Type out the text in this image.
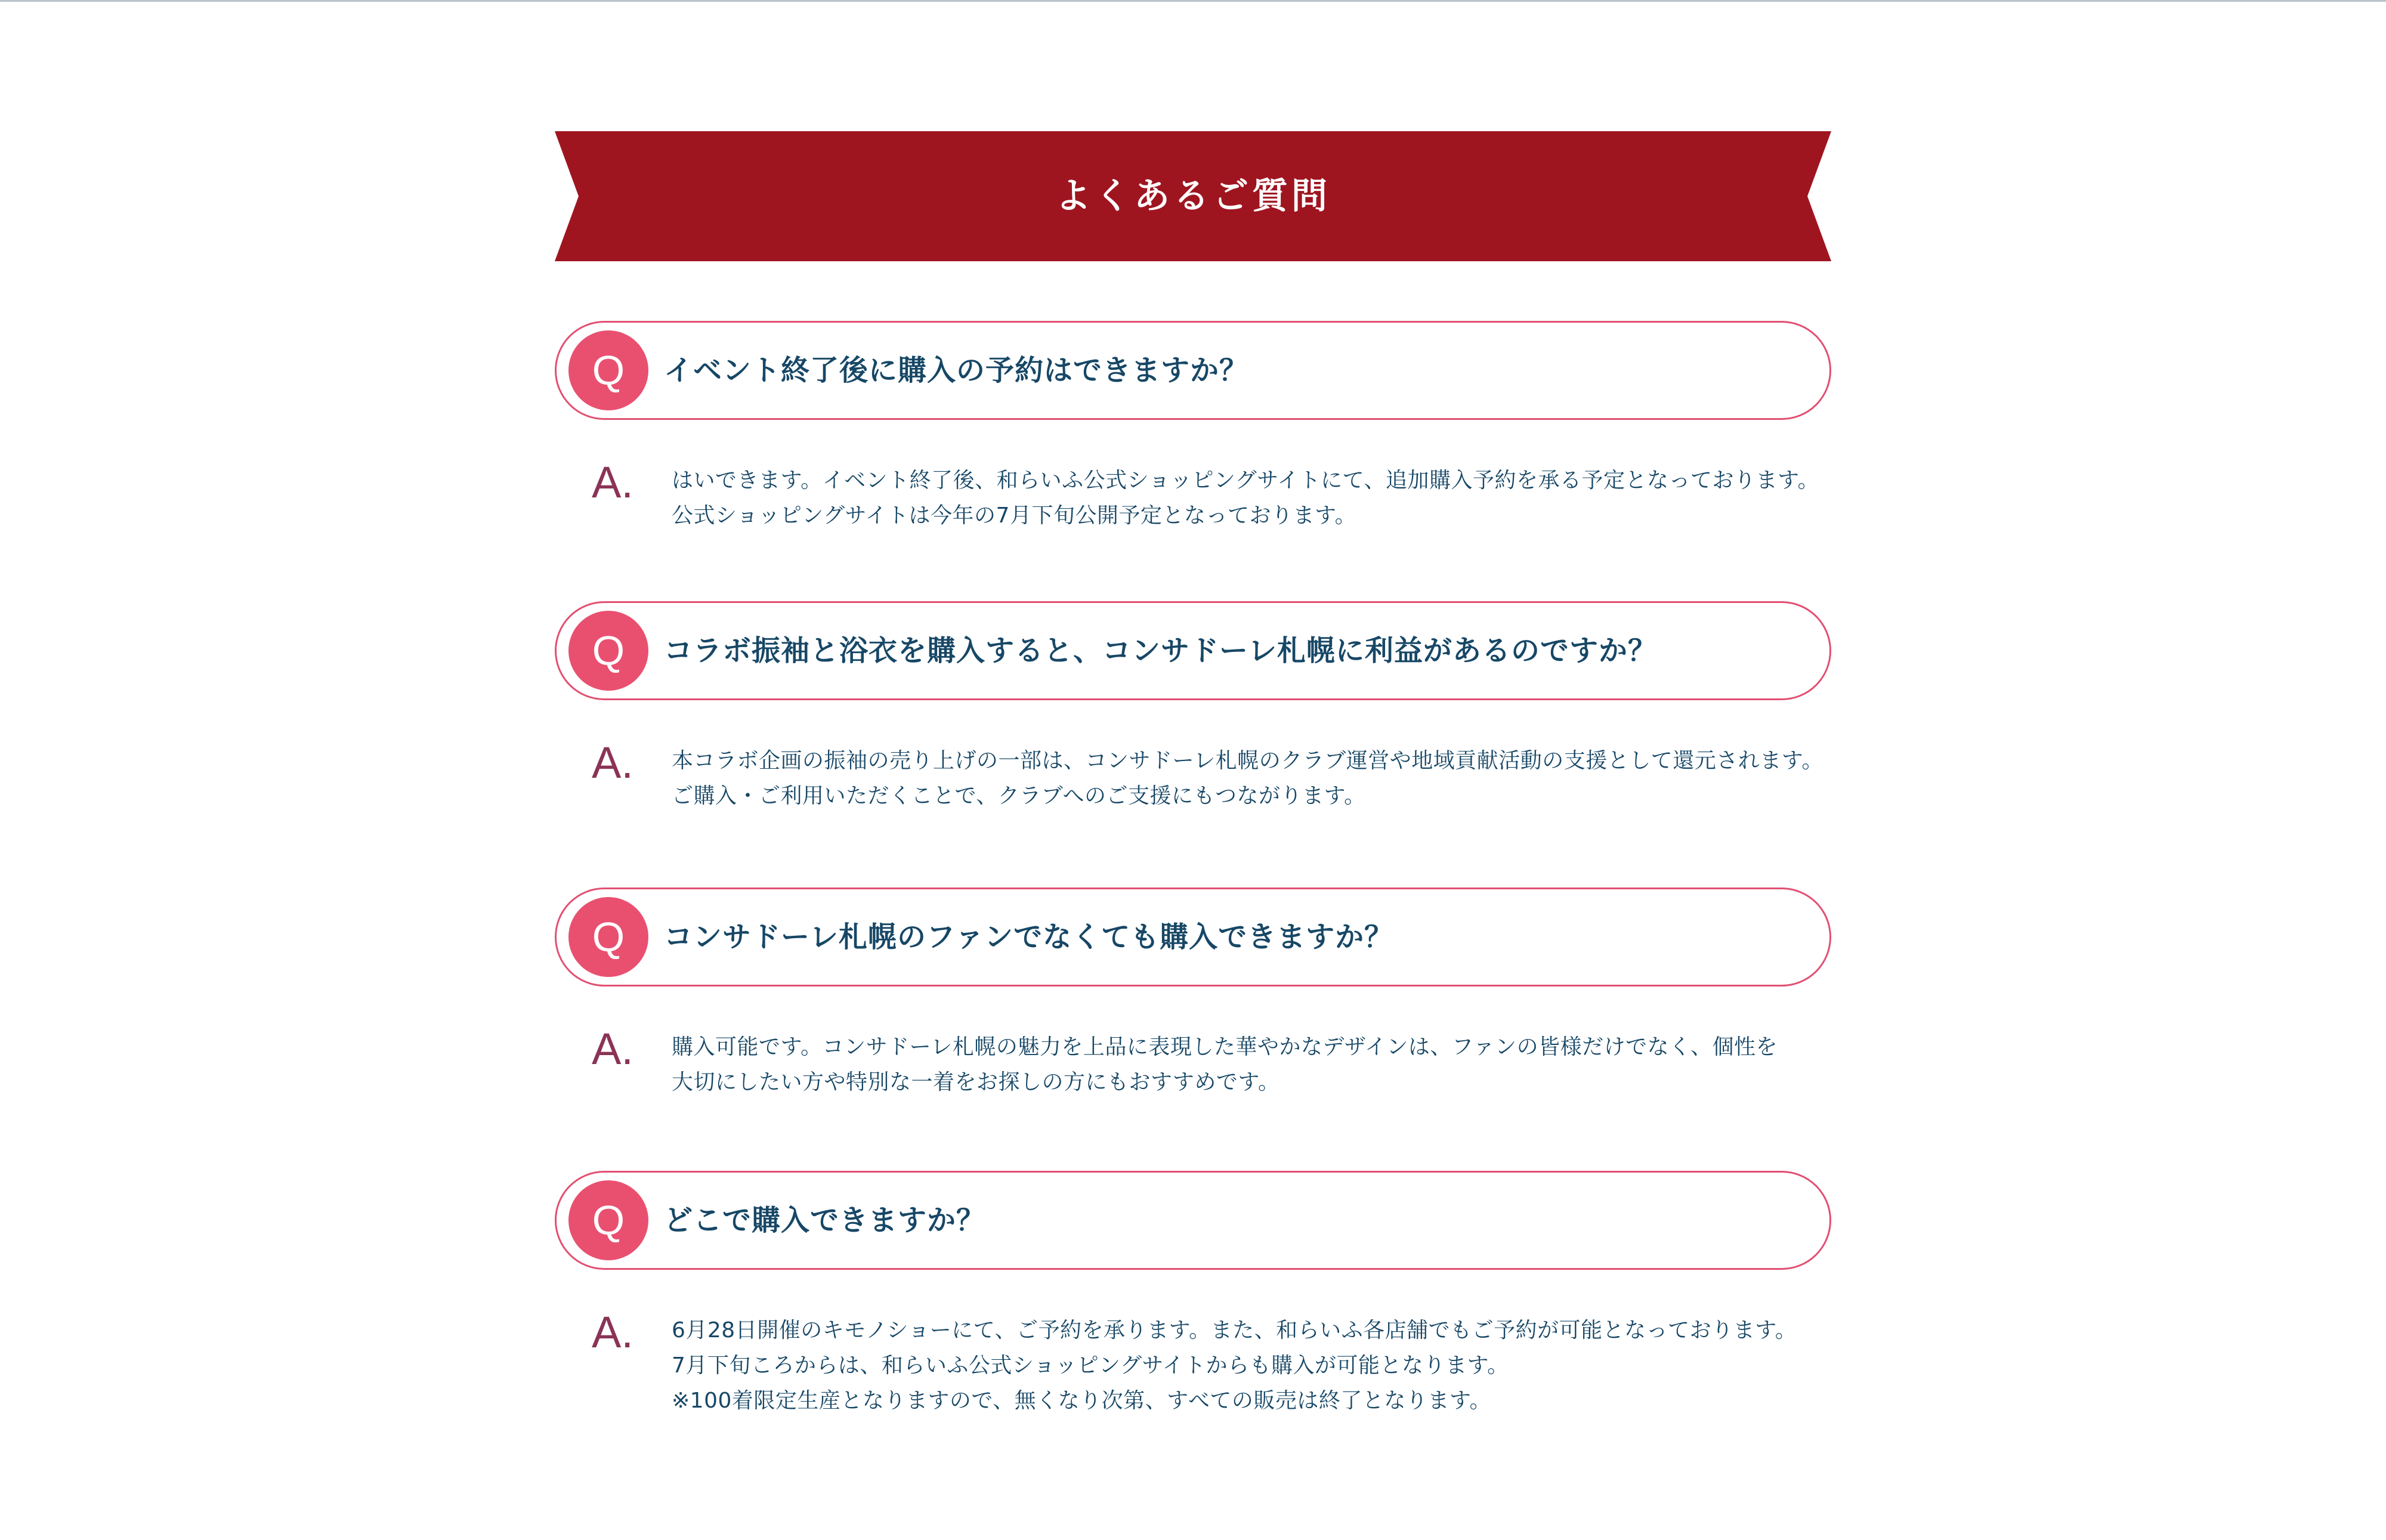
よくあるご質問
Q	イベント終了後に購入の予約はできますか？
A. はいできます。イベント終了後、和らいふ公式ショッピングサイトにて、追加購入予約を承る予定となっております。
公式ショッピングサイトは今年の7月下旬公開予定となっております。
Q	コラボ振袖と浴衣を購入すると、コンサドーレ札幌に利益があるのですか？
A. 本コラボ企画の振袖の売り上げの一部は、コンサドーレ札幌のクラブ運営や地域貢献活動の支援として還元されます。
ご購入・ご利用いただくことで、クラブへのご支援にもつながります。
Q	コンサドーレ札幌のファンでなくても購入できますか？
A. 購入可能です。コンサドーレ札幌の魅力を上品に表現した華やかなデザインは、ファンの皆様だけでなく、個性を
大切にしたい方や特別な一着をお探しの方にもおすすめです。
Q	どこで購入できますか？
A. 6月28日開催のキモノショーにて、ご予約を承ります。また、和らいふ各店舗でもご予約が可能となっております。
7月下旬ころからは、和らいふ公式ショッピングサイトからも購入が可能となります。
※100着限定生産となりますので、無くなり次第、すべての販売は終了となります。
